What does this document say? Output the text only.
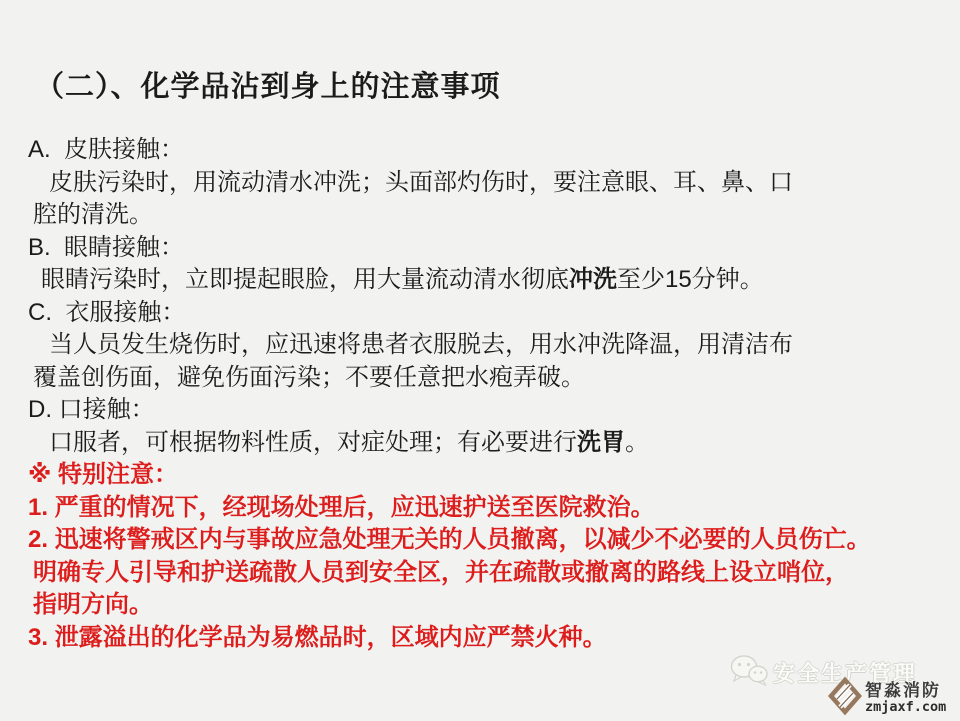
（二）、化学品沾到身上的注意事项
A.  皮肤接触：
皮肤污染时，用流动清水冲洗；头面部灼伤时，要注意眼、耳、鼻、口
腔的清洗。
B.  眼睛接触：
眼睛污染时，立即提起眼脸，用大量流动清水彻底冲洗至少15分钟。
C.  衣服接触：
当人员发生烧伤时，应迅速将患者衣服脱去，用水冲洗降温，用清洁布
覆盖创伤面，避免伤面污染；不要任意把水疱弄破。
D. 口接触：
口服者，可根据物料性质，对症处理；有必要进行洗胃。
※ 特别注意：
1. 严重的情况下，经现场处理后，应迅速护送至医院救治。
2. 迅速将警戒区内与事故应急处理无关的人员撤离，以减少不必要的人员伤亡。
明确专人引导和护送疏散人员到安全区，并在疏散或撤离的路线上设立哨位，
指明方向。
3. 泄露溢出的化学品为易燃品时，区域内应严禁火种。
安全生产管理
智淼消防
zmjaxf.com
